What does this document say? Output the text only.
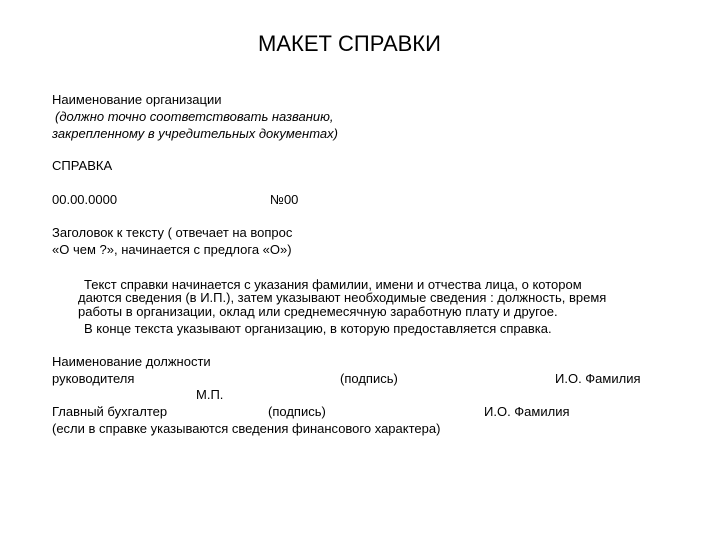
МАКЕТ СПРАВКИ
Наименование организации
(должно точно соответствовать названию,
закрепленному в учредительных документах)
СПРАВКА
00.00.0000	№00
Заголовок к тексту ( отвечает на вопрос
«О чем ?», начинается с предлога «О»)
Текст справки начинается с указания фамилии, имени и отчества лица, о котором
даются сведения (в И.П.), затем указывают необходимые сведения : должность, время
работы в организации, оклад или среднемесячную заработную плату и другое.
В конце текста указывают организацию, в которую предоставляется справка.
Наименование должности
руководителя	(подпись)	И.О. Фамилия
М.П.
Главный бухгалтер	(подпись)	И.О. Фамилия
(если в справке указываются сведения финансового характера)
